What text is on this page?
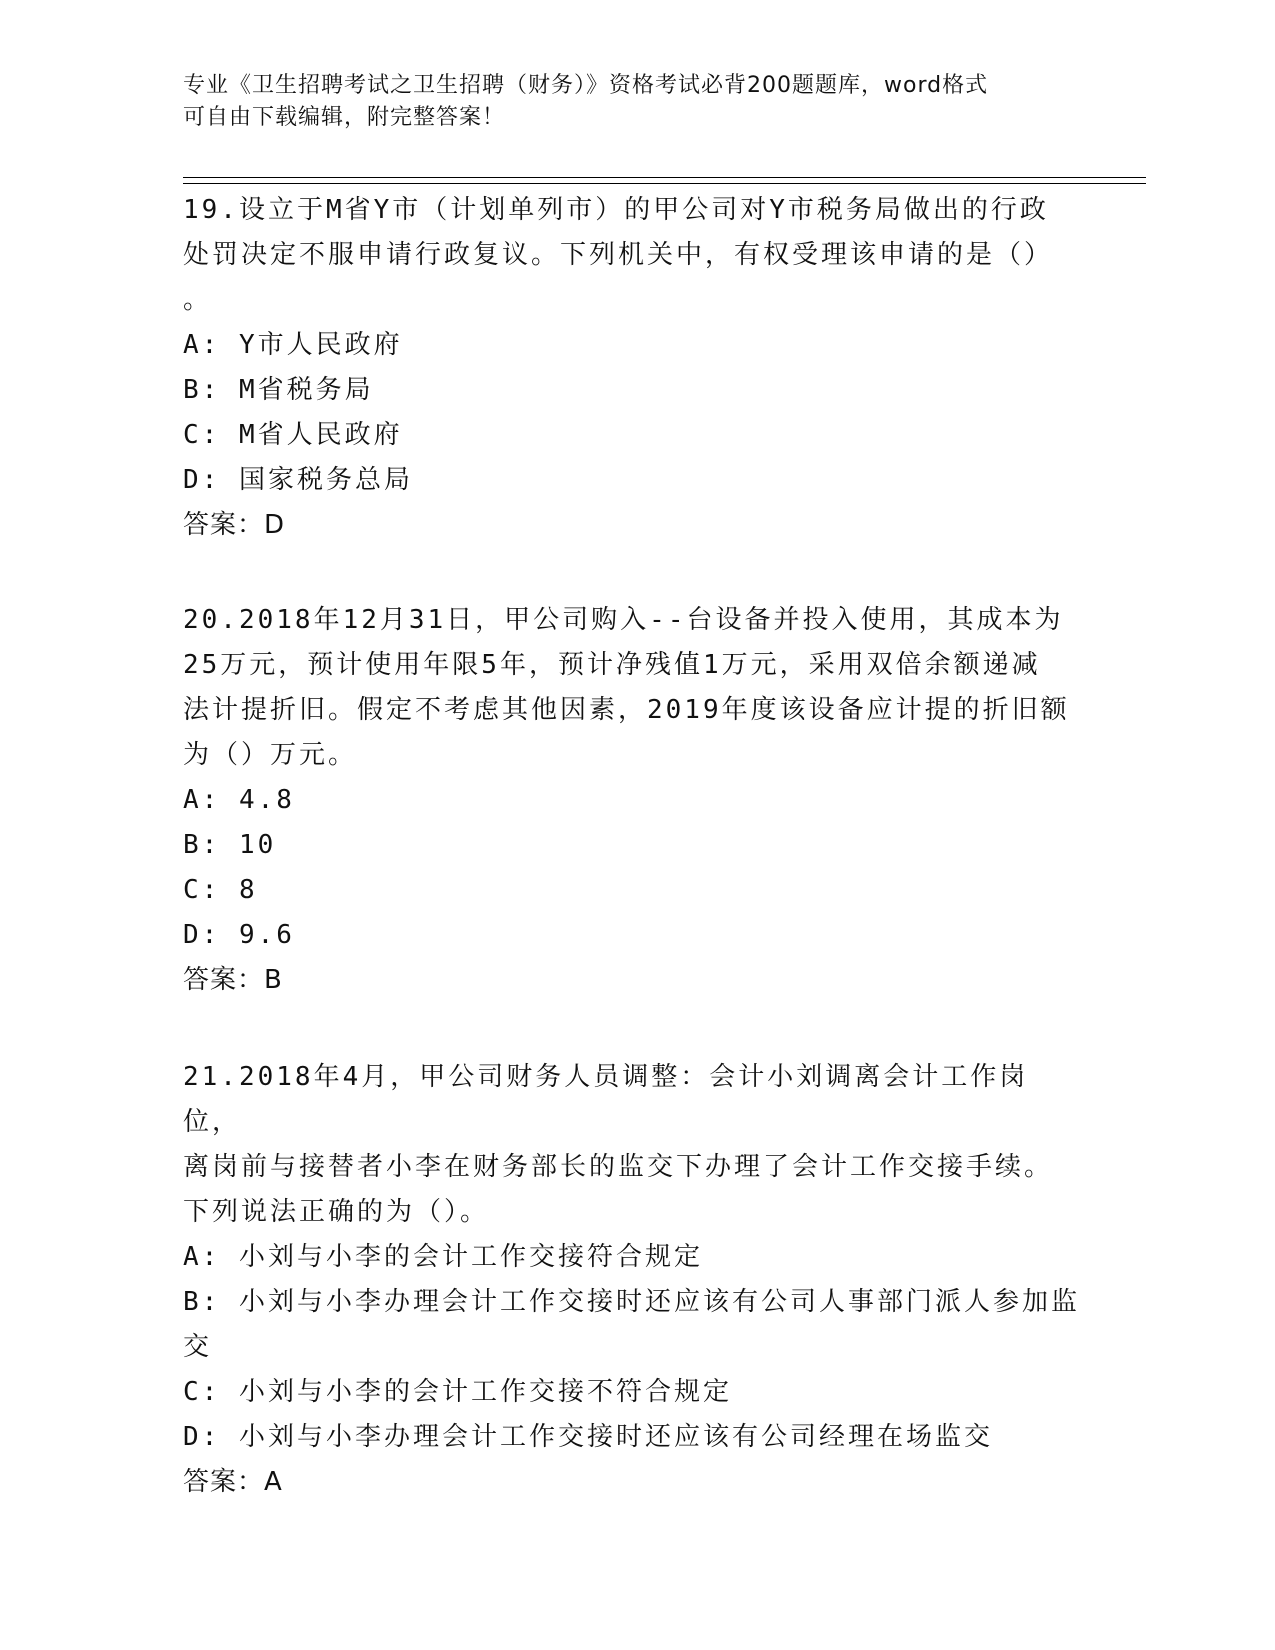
专业《卫生招聘考试之卫生招聘（财务）》资格考试必背200题题库，word格式
可自由下载编辑，附完整答案！
19.设立于M省Y市（计划单列市）的甲公司对Y市税务局做出的行政
处罚决定不服申请行政复议。下列机关中，有权受理该申请的是（）
。
A: Y市人民政府
B: M省税务局
C: M省人民政府
D: 国家税务总局
答案：D
20.2018年12月31日，甲公司购入--台设备并投入使用，其成本为
25万元，预计使用年限5年，预计净残值1万元，采用双倍余额递减
法计提折旧。假定不考虑其他因素，2019年度该设备应计提的折旧额
为（）万元。
A: 4.8
B: 10
C: 8
D: 9.6
答案：B
21.2018年4月，甲公司财务人员调整：会计小刘调离会计工作岗位，
离岗前与接替者小李在财务部长的监交下办理了会计工作交接手续。
下列说法正确的为（）。
A: 小刘与小李的会计工作交接符合规定
B: 小刘与小李办理会计工作交接时还应该有公司人事部门派人参加监
交
C: 小刘与小李的会计工作交接不符合规定
D: 小刘与小李办理会计工作交接时还应该有公司经理在场监交
答案：A
